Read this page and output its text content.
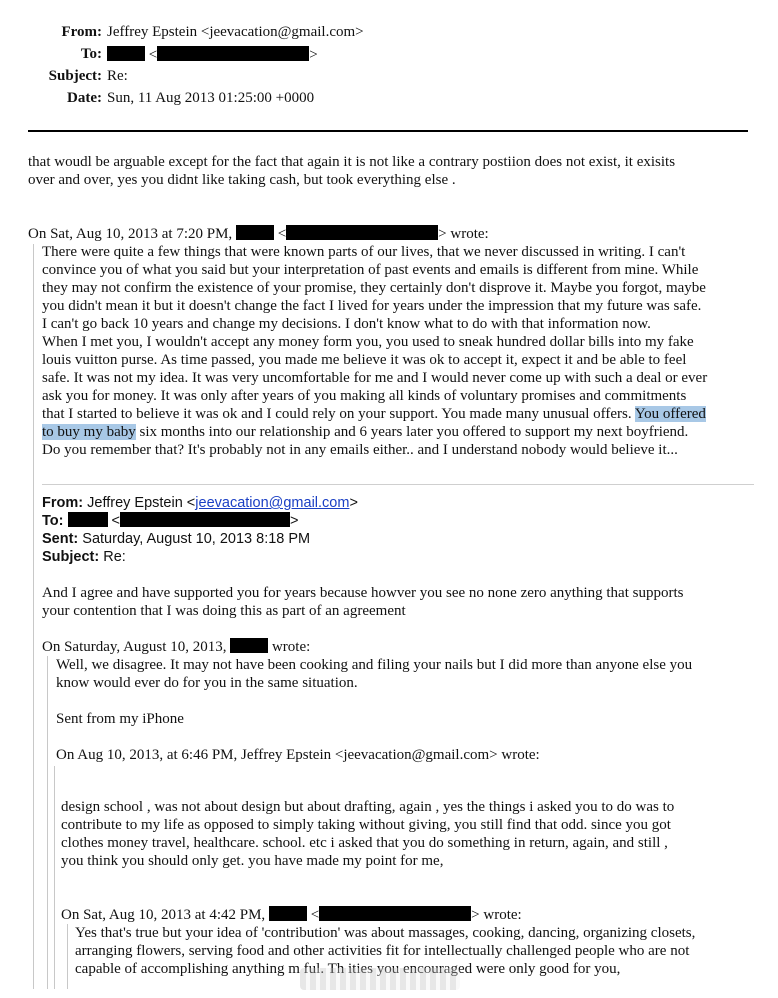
From: Jeffrey Epstein <jeevacation@gmail.com>
To:	<	>
Subject: Re:
Date: Sun, 11 Aug 2013 01:25:00 +0000
that woudl be arguable except for the fact that again it is not like a contrary postiion does not exist, it exisits
over and over, yes you didnt like taking cash, but took everything else .
On Sat, Aug 10, 2013 at 7:20 PM,	<	> wrote:
There were quite a few things that were known parts of our lives, that we never discussed in writing. I can't
convince you of what you said but your interpretation of past events and emails is different from mine. While
they may not confirm the existence of your promise, they certainly don't disprove it. Maybe you forgot, maybe
you didn't mean it but it doesn't change the fact I lived for years under the impression that my future was safe.
I can't go back 10 years and change my decisions. I don't know what to do with that information now.
When I met you, I wouldn't accept any money form you, you used to sneak hundred dollar bills into my fake
louis vuitton purse. As time passed, you made me believe it was ok to accept it, expect it and be able to feel
safe. It was not my idea. It was very uncomfortable for me and I would never come up with such a deal or ever
ask you for money. It was only after years of you making all kinds of voluntary promises and commitments
that I started to believe it was ok and I could rely on your support. You made many unusual offers. You offered
to buy my baby six months into our relationship and 6 years later you offered to support my next boyfriend.
Do you remember that? It's probably not in any emails either.. and I understand nobody would believe it...
From: Jeffrey Epstein <jeevacation@gmail.com>
To:	<	>
Sent: Saturday, August 10, 2013 8:18 PM
Subject: Re:
And I agree and have supported you for years because howver you see no none zero anything that supports
your contention that I was doing this as part of an agreement
On Saturday, August 10, 2013,	wrote:
Well, we disagree. It may not have been cooking and filing your nails but I did more than anyone else you
know would ever do for you in the same situation.
Sent from my iPhone
On Aug 10, 2013, at 6:46 PM, Jeffrey Epstein <jeevacation@gmail.com> wrote:
design school , was not about design but about drafting, again , yes the things i asked you to do was to
contribute to my life as opposed to simply taking without giving, you still find that odd. since you got
clothes money travel, healthcare. school. etc i asked that you do something in return, again, and still ,
you think you should only get. you have made my point for me,
On Sat, Aug 10, 2013 at 4:42 PM,	<	> wrote:
Yes that's true but your idea of 'contribution' was about massages, cooking, dancing, organizing closets,
arranging flowers, serving food and other activities fit for intellectually challenged people who are not
capable of accomplishing anything m ful. Th ities you encouraged were only good for you,
